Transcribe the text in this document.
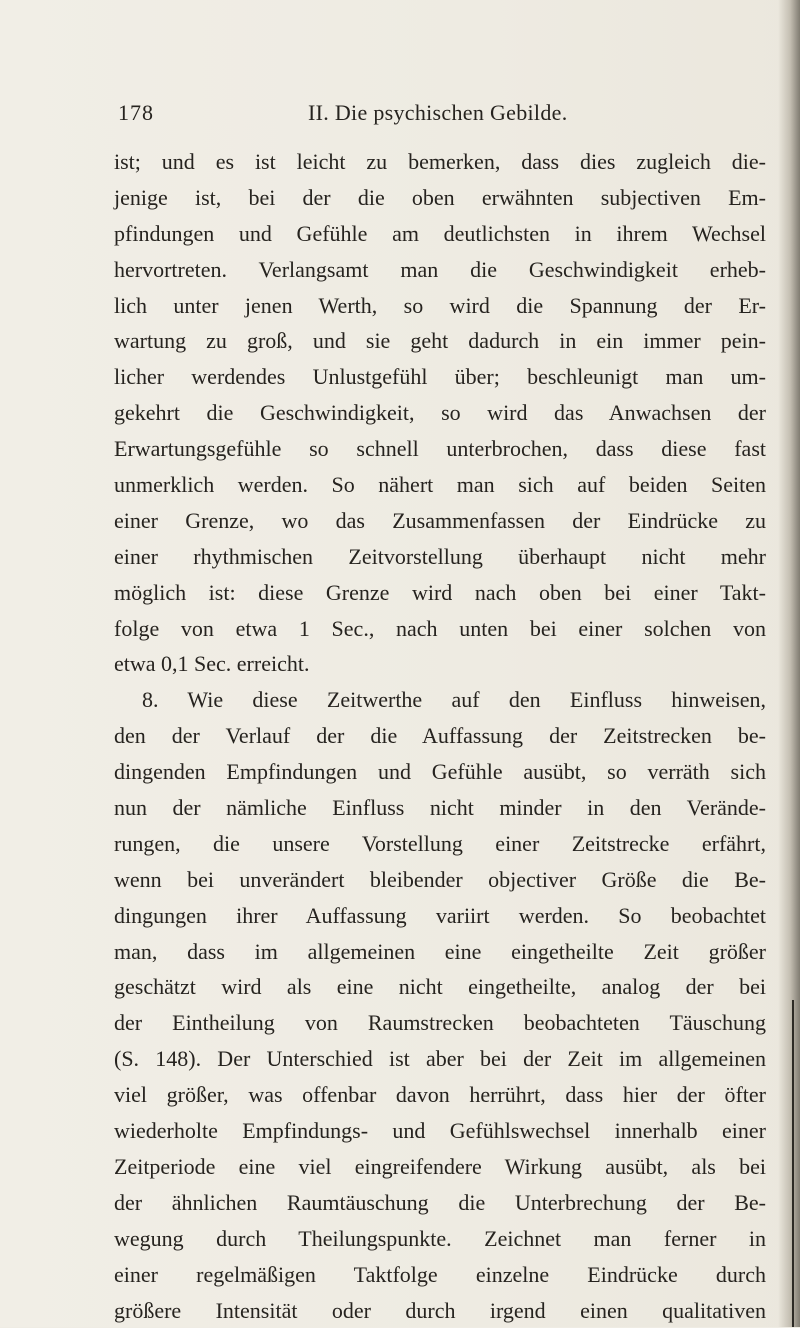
178	II. Die psychischen Gebilde.
ist; und es ist leicht zu bemerken, dass dies zugleich die-
jenige ist, bei der die oben erwähnten subjectiven Em-
pfindungen und Gefühle am deutlichsten in ihrem Wechsel
hervortreten. Verlangsamt man die Geschwindigkeit erheb-
lich unter jenen Werth, so wird die Spannung der Er-
wartung zu groß, und sie geht dadurch in ein immer pein-
licher werdendes Unlustgefühl über; beschleunigt man um-
gekehrt die Geschwindigkeit, so wird das Anwachsen der
Erwartungsgefühle so schnell unterbrochen, dass diese fast
unmerklich werden. So nähert man sich auf beiden Seiten
einer Grenze, wo das Zusammenfassen der Eindrücke zu
einer rhythmischen Zeitvorstellung überhaupt nicht mehr
möglich ist: diese Grenze wird nach oben bei einer Takt-
folge von etwa 1 Sec., nach unten bei einer solchen von
etwa 0,1 Sec. erreicht.
8. Wie diese Zeitwerthe auf den Einfluss hinweisen,
den der Verlauf der die Auffassung der Zeitstrecken be-
dingenden Empfindungen und Gefühle ausübt, so verräth sich
nun der nämliche Einfluss nicht minder in den Verände-
rungen, die unsere Vorstellung einer Zeitstrecke erfährt,
wenn bei unverändert bleibender objectiver Größe die Be-
dingungen ihrer Auffassung variirt werden. So beobachtet
man, dass im allgemeinen eine eingetheilte Zeit größer
geschätzt wird als eine nicht eingetheilte, analog der bei
der Eintheilung von Raumstrecken beobachteten Täuschung
(S. 148). Der Unterschied ist aber bei der Zeit im allgemeinen
viel größer, was offenbar davon herrührt, dass hier der öfter
wiederholte Empfindungs- und Gefühlswechsel innerhalb einer
Zeitperiode eine viel eingreifendere Wirkung ausübt, als bei
der ähnlichen Raumtäuschung die Unterbrechung der Be-
wegung durch Theilungspunkte. Zeichnet man ferner in
einer regelmäßigen Taktfolge einzelne Eindrücke durch
größere Intensität oder durch irgend einen qualitativen
